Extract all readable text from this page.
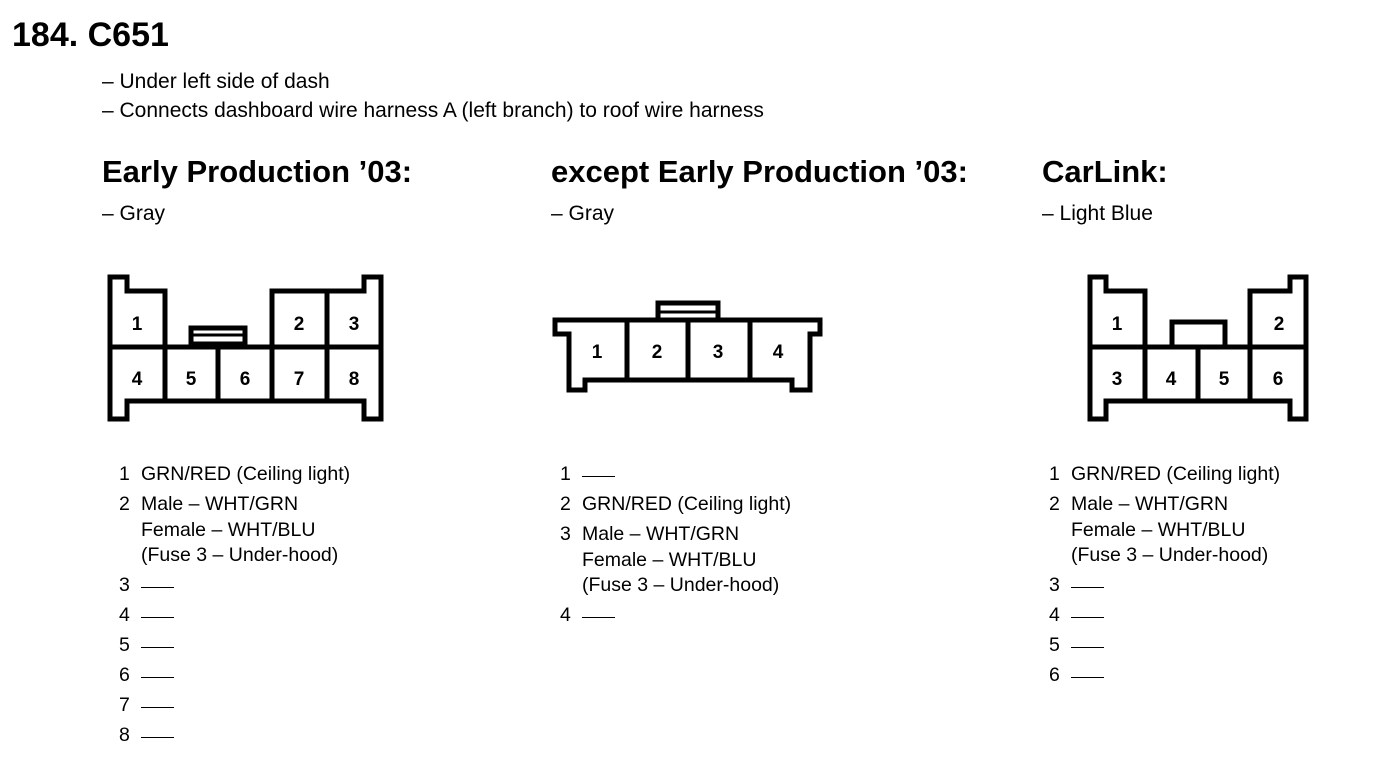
184. C651
– Under left side of dash
– Connects dashboard wire harness A (left branch) to roof wire harness
Early Production ’03:
– Gray
except Early Production ’03:
– Gray
CarLink:
– Light Blue
1	2 3
4 5 6 7 8
1	2	3	4
1	2
3 4 5 6
1 GRN/RED (Ceiling light)
2 Male – WHT/GRN
Female – WHT/BLU
(Fuse 3 – Under-hood)
3
4
5
6
7
8
1
2 GRN/RED (Ceiling light)
3 Male – WHT/GRN
Female – WHT/BLU
(Fuse 3 – Under-hood)
4
1 GRN/RED (Ceiling light)
2 Male – WHT/GRN
Female – WHT/BLU
(Fuse 3 – Under-hood)
3
4
5
6
